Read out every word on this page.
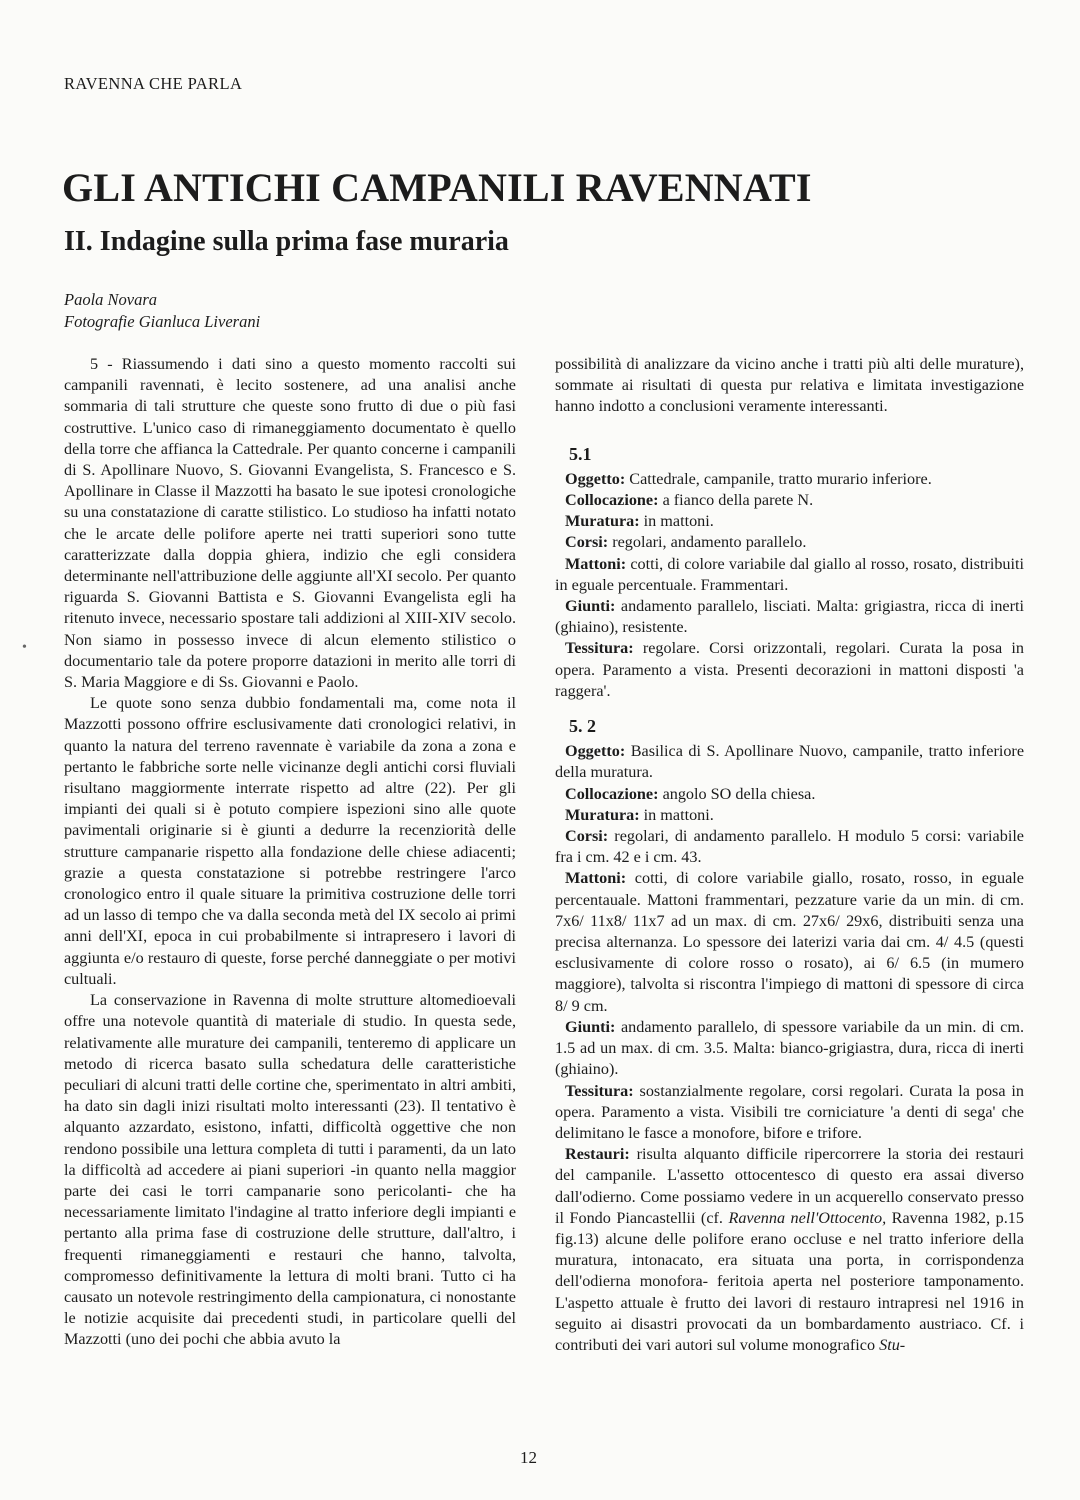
RAVENNA CHE PARLA
GLI ANTICHI CAMPANILI RAVENNATI
II. Indagine sulla prima fase muraria
Paola Novara
Fotografie Gianluca Liverani
•

5 - Riassumendo i dati sino a questo momento raccolti sui campanili ravennati, è lecito sostenere, ad una analisi anche sommaria di tali strutture che queste sono frutto di due o più fasi costruttive. L'unico caso di rimaneggiamento documentato è quello della torre che affianca la Cattedrale. Per quanto concerne i campanili di S. Apollinare Nuovo, S. Giovanni Evangelista, S. Francesco e S. Apollinare in Classe il Mazzotti ha basato le sue ipotesi cronologiche su una constatazione di caratte stilistico. Lo studioso ha infatti notato che le arcate delle polifore aperte nei tratti superiori sono tutte caratterizzate dalla doppia ghiera, indizio che egli considera determinante nell'attribuzione delle aggiunte all'XI secolo. Per quanto riguarda S. Giovanni Battista e S. Giovanni Evangelista egli ha ritenuto invece, necessario spostare tali addizioni al XIII-XIV secolo. Non siamo in possesso invece di alcun elemento stilistico o documentario tale da potere proporre datazioni in merito alle torri di S. Maria Maggiore e di Ss. Giovanni e Paolo.

Le quote sono senza dubbio fondamentali ma, come nota il Mazzotti possono offrire esclusivamente dati cronologici relativi, in quanto la natura del terreno ravennate è variabile da zona a zona e pertanto le fabbriche sorte nelle vicinanze degli antichi corsi fluviali risultano maggiormente interrate rispetto ad altre (22). Per gli impianti dei quali si è potuto compiere ispezioni sino alle quote pavimentali originarie si è giunti a dedurre la recenziorità delle strutture campanarie rispetto alla fondazione delle chiese adiacenti; grazie a questa constatazione si potrebbe restringere l'arco cronologico entro il quale situare la primitiva costruzione delle torri ad un lasso di tempo che va dalla seconda metà del IX secolo ai primi anni dell'XI, epoca in cui probabilmente si intrapresero i lavori di aggiunta e/o restauro di queste, forse perché danneggiate o per motivi cultuali.

La conservazione in Ravenna di molte strutture altomedioevali offre una notevole quantità di materiale di studio. In questa sede, relativamente alle murature dei campanili, tenteremo di applicare un metodo di ricerca basato sulla schedatura delle caratteristiche peculiari di alcuni tratti delle cortine che, sperimentato in altri ambiti, ha dato sin dagli inizi risultati molto interessanti (23). Il tentativo è alquanto azzardato, esistono, infatti, difficoltà oggettive che non rendono possibile una lettura completa di tutti i paramenti, da un lato la difficoltà ad accedere ai piani superiori -in quanto nella maggior parte dei casi le torri campanarie sono pericolanti- che ha necessariamente limitato l'indagine al tratto inferiore degli impianti e pertanto alla prima fase di costruzione delle strutture, dall'altro, i frequenti rimaneggiamenti e restauri che hanno, talvolta, compromesso definitivamente la lettura di molti brani. Tutto ci ha causato un notevole restringimento della campionatura, ci nonostante le notizie acquisite dai precedenti studi, in particolare quelli del Mazzotti (uno dei pochi che abbia avuto la

possibilità di analizzare da vicino anche i tratti più alti delle murature), sommate ai risultati di questa pur relativa e limitata investigazione hanno indotto a conclusioni veramente interessanti.

5.1

Oggetto: Cattedrale, campanile, tratto murario inferiore.

Collocazione: a fianco della parete N.

Muratura: in mattoni.

Corsi: regolari, andamento parallelo.

Mattoni: cotti, di colore variabile dal giallo al rosso, rosato, distribuiti in eguale percentuale. Frammentari.

Giunti: andamento parallelo, lisciati. Malta: grigiastra, ricca di inerti (ghiaino), resistente.

Tessitura: regolare. Corsi orizzontali, regolari. Curata la posa in opera. Paramento a vista. Presenti decorazioni in mattoni disposti 'a raggera'.

5. 2

Oggetto: Basilica di S. Apollinare Nuovo, campanile, tratto inferiore della muratura.

Collocazione: angolo SO della chiesa.

Muratura: in mattoni.

Corsi: regolari, di andamento parallelo. H modulo 5 corsi: variabile fra i cm. 42 e i cm. 43.

Mattoni: cotti, di colore variabile giallo, rosato, rosso, in eguale percentauale. Mattoni frammentari, pezzature varie da un min. di cm. 7x6/ 11x8/ 11x7 ad un max. di cm. 27x6/ 29x6, distribuiti senza una precisa alternanza. Lo spessore dei laterizi varia dai cm. 4/ 4.5 (questi esclusivamente di colore rosso o rosato), ai 6/ 6.5 (in mumero maggiore), talvolta si riscontra l'impiego di mattoni di spessore di circa 8/ 9 cm.

Giunti: andamento parallelo, di spessore variabile da un min. di cm. 1.5 ad un max. di cm. 3.5. Malta: bianco-grigiastra, dura, ricca di inerti (ghiaino).

Tessitura: sostanzialmente regolare, corsi regolari. Curata la posa in opera. Paramento a vista. Visibili tre corniciature 'a denti di sega' che delimitano le fasce a monofore, bifore e trifore.

Restauri: risulta alquanto difficile ripercorrere la storia dei restauri del campanile. L'assetto ottocentesco di questo era assai diverso dall'odierno. Come possiamo vedere in un acquerello conservato presso il Fondo Piancastellii (cf. Ravenna nell'Ottocento, Ravenna 1982, p.15 fig.13) alcune delle polifore erano occluse e nel tratto inferiore della muratura, intonacato, era situata una porta, in corrispondenza dell'odierna monofora- feritoia aperta nel posteriore tamponamento. L'aspetto attuale è frutto dei lavori di restauro intrapresi nel 1916 in seguito ai disastri provocati da un bombardamento austriaco. Cf. i contributi dei vari autori sul volume monografico Stu-

12
